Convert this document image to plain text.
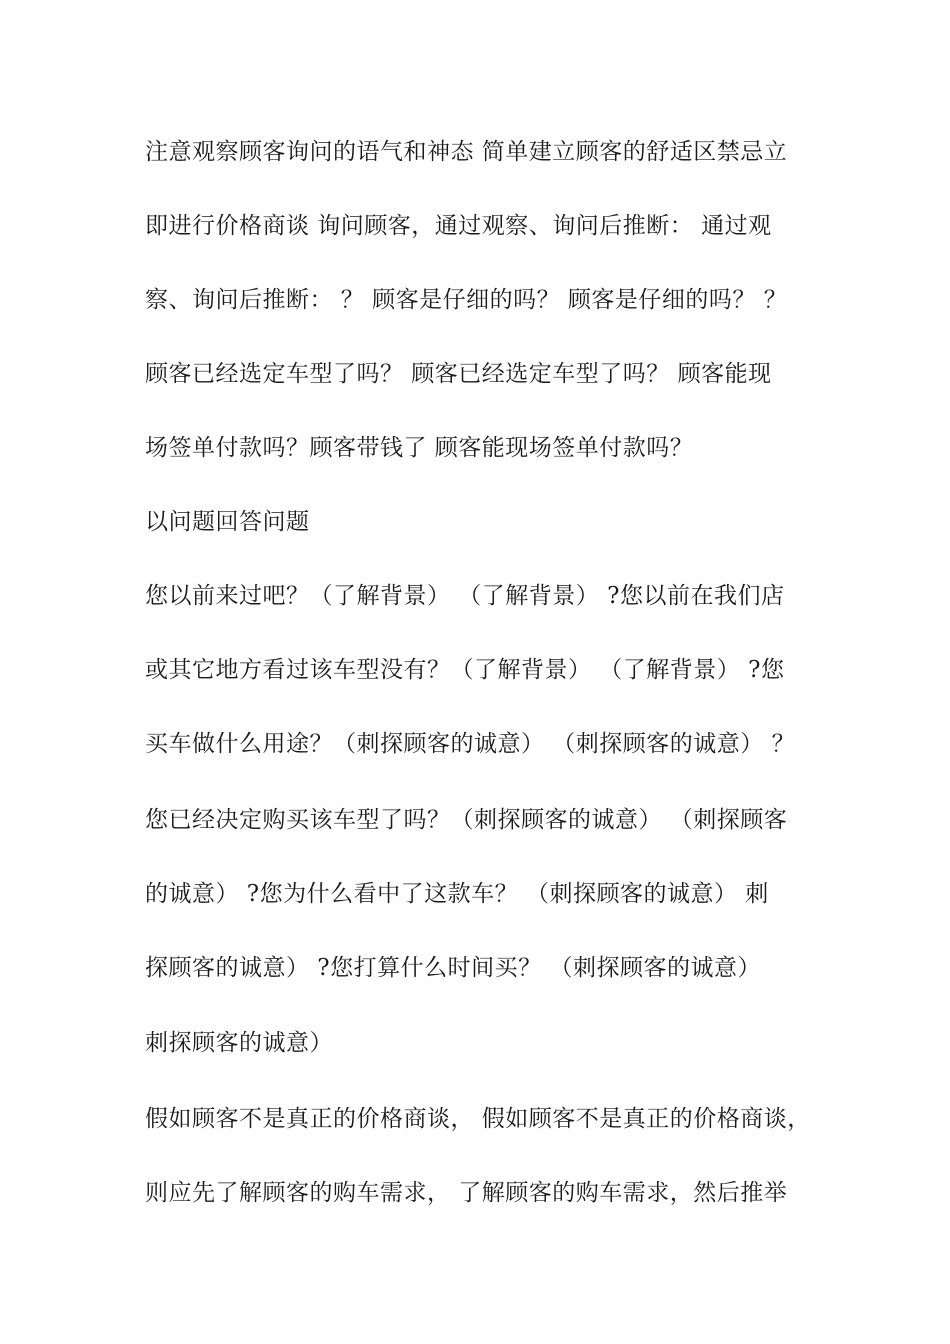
注意观察顾客询问的语气和神态 简单建立顾客的舒适区禁忌立
即进行价格商谈 询问顾客，通过观察、询问后推断： 通过观
察、询问后推断： ？ 顾客是仔细的吗？ 顾客是仔细的吗？ ？
顾客已经选定车型了吗？ 顾客已经选定车型了吗？ 顾客能现
场签单付款吗？顾客带钱了 顾客能现场签单付款吗？
以问题回答问题
您以前来过吧？（了解背景） （了解背景） ?您以前在我们店
或其它地方看过该车型没有？（了解背景） （了解背景） ?您
买车做什么用途？（刺探顾客的诚意） （刺探顾客的诚意） ？
您已经决定购买该车型了吗？（刺探顾客的诚意） （刺探顾客
的诚意） ?您为什么看中了这款车？ （刺探顾客的诚意） 刺
探顾客的诚意） ?您打算什么时间买？ （刺探顾客的诚意）
刺探顾客的诚意）
假如顾客不是真正的价格商谈， 假如顾客不是真正的价格商谈，
则应先了解顾客的购车需求， 了解顾客的购车需求，然后推举
